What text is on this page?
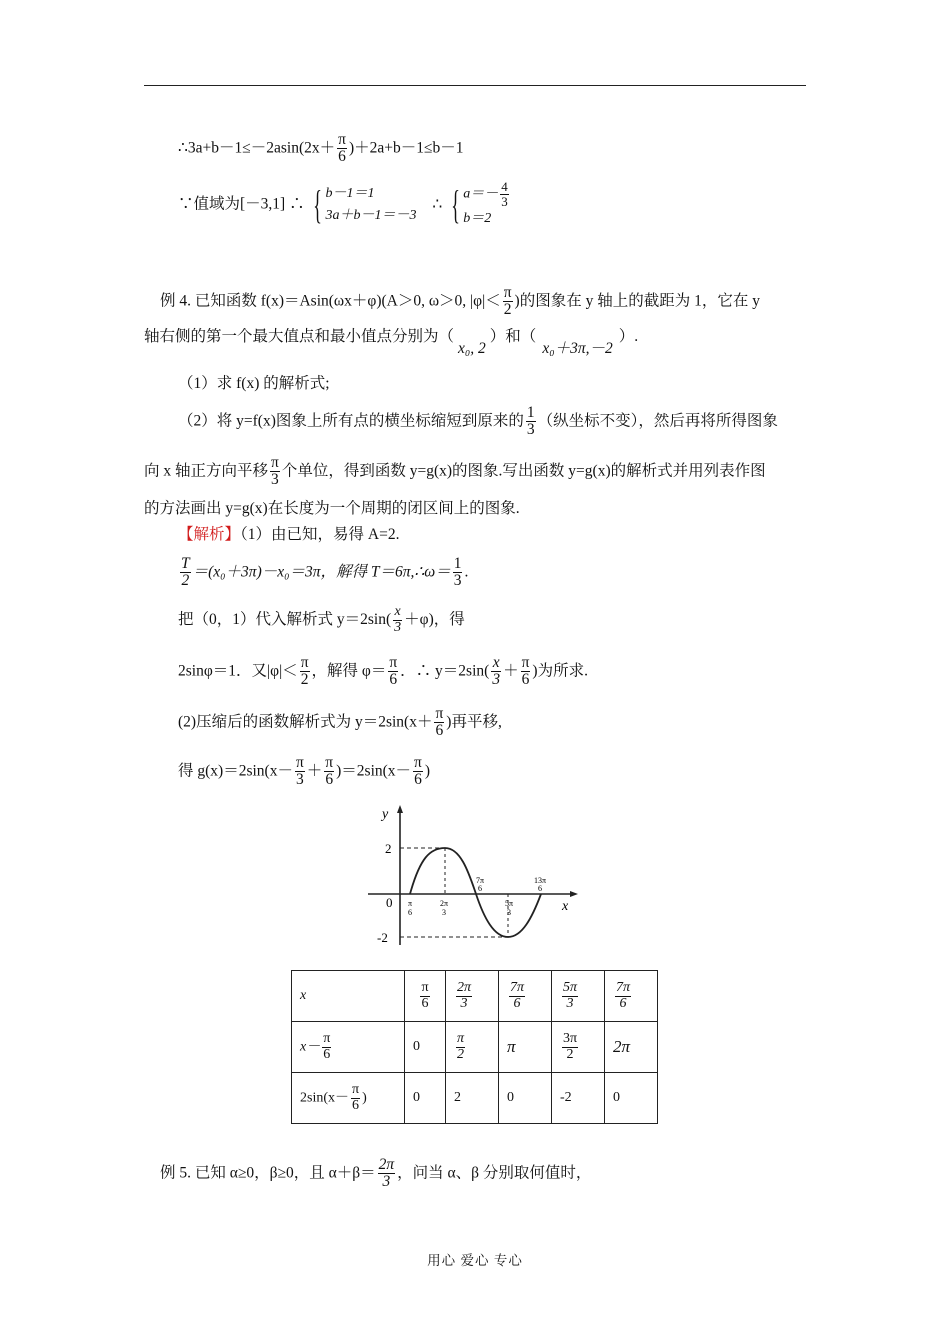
∴3a+b－1≤－2asin(2x＋ $\frac{\pi}{6} )+2a+b-1\le b-1$
∵值域为[－3,1] ∴ { b－1＝1
3a＋b－1＝－3 ∴ { $a=- \frac{4}{3}$

b＝2
例 4. 已知函数 f(x)＝Asin(ωx＋φ)(A＞0, ω＞0, $|\varphi|< \frac{\pi}{2}$ )的图象在 y 轴上的截距为 1，它在 y
轴右侧的第一个最大值点和最小值点分别为（x₀, 2）和（x₀＋3π,－2）.
（1）求 f(x) 的解析式;
（2）将 y=f(x)图象上所有点的横坐标缩短到原来的 $\frac{1}{3}$ （纵坐标不变），然后再将所得图象
向 x 轴正方向平移 $\frac{\pi}{3}$ 个单位，得到函数 y=g(x)的图象.写出函数 y=g(x)的解析式并用列表作图
的方法画出 y=g(x)在长度为一个周期的闭区间上的图象.
【解析】（1）由已知，易得 A=2.
$\frac{T}{2} =(x_0+3\pi)-x_0=3\pi$，解得 T＝6π,∴ω＝ $\frac{1}{3}$ .
把（0，1）代入解析式 $y=2\sin( \frac{x}{3} +\varphi)$，得
2sinφ＝1．又$|\varphi|< \frac{\pi}{2}$ ，解得 $\varphi= \frac{\pi}{6}$ ．∴ $y=2\sin( \frac{x}{3} + \frac{\pi}{6}$ )为所求.
(2)压缩后的函数解析式为 $y=2\sin(x+ \frac{\pi}{6}$ )再平移,
得 $g(x)=2\sin(x- \frac{\pi}{3} + \frac{\pi}{6} )=2\sin(x- \frac{\pi}{6}$ )
y
x
0
2
-2
π
6
2π
3
7π
6
5π
3
13π
6
x	$\frac{\pi}{6}$	$\frac{2\pi}{3}$	$\frac{7\pi}{6}$	$\frac{5\pi}{3}$	$\frac{7\pi}{6}$

$x- \frac{\pi}{6}$	0	$\frac{\pi}{2}$	π	$\frac{3\pi}{2}$	2π
$2\sin(x- \frac{\pi}{6}$ )	0	2	0	-2	0
例 5. 已知 α≥0，β≥0，且 $\alpha+\beta= \frac{2\pi}{3}$ ，问当 α、β 分别取何值时，
用心 爱心 专心
